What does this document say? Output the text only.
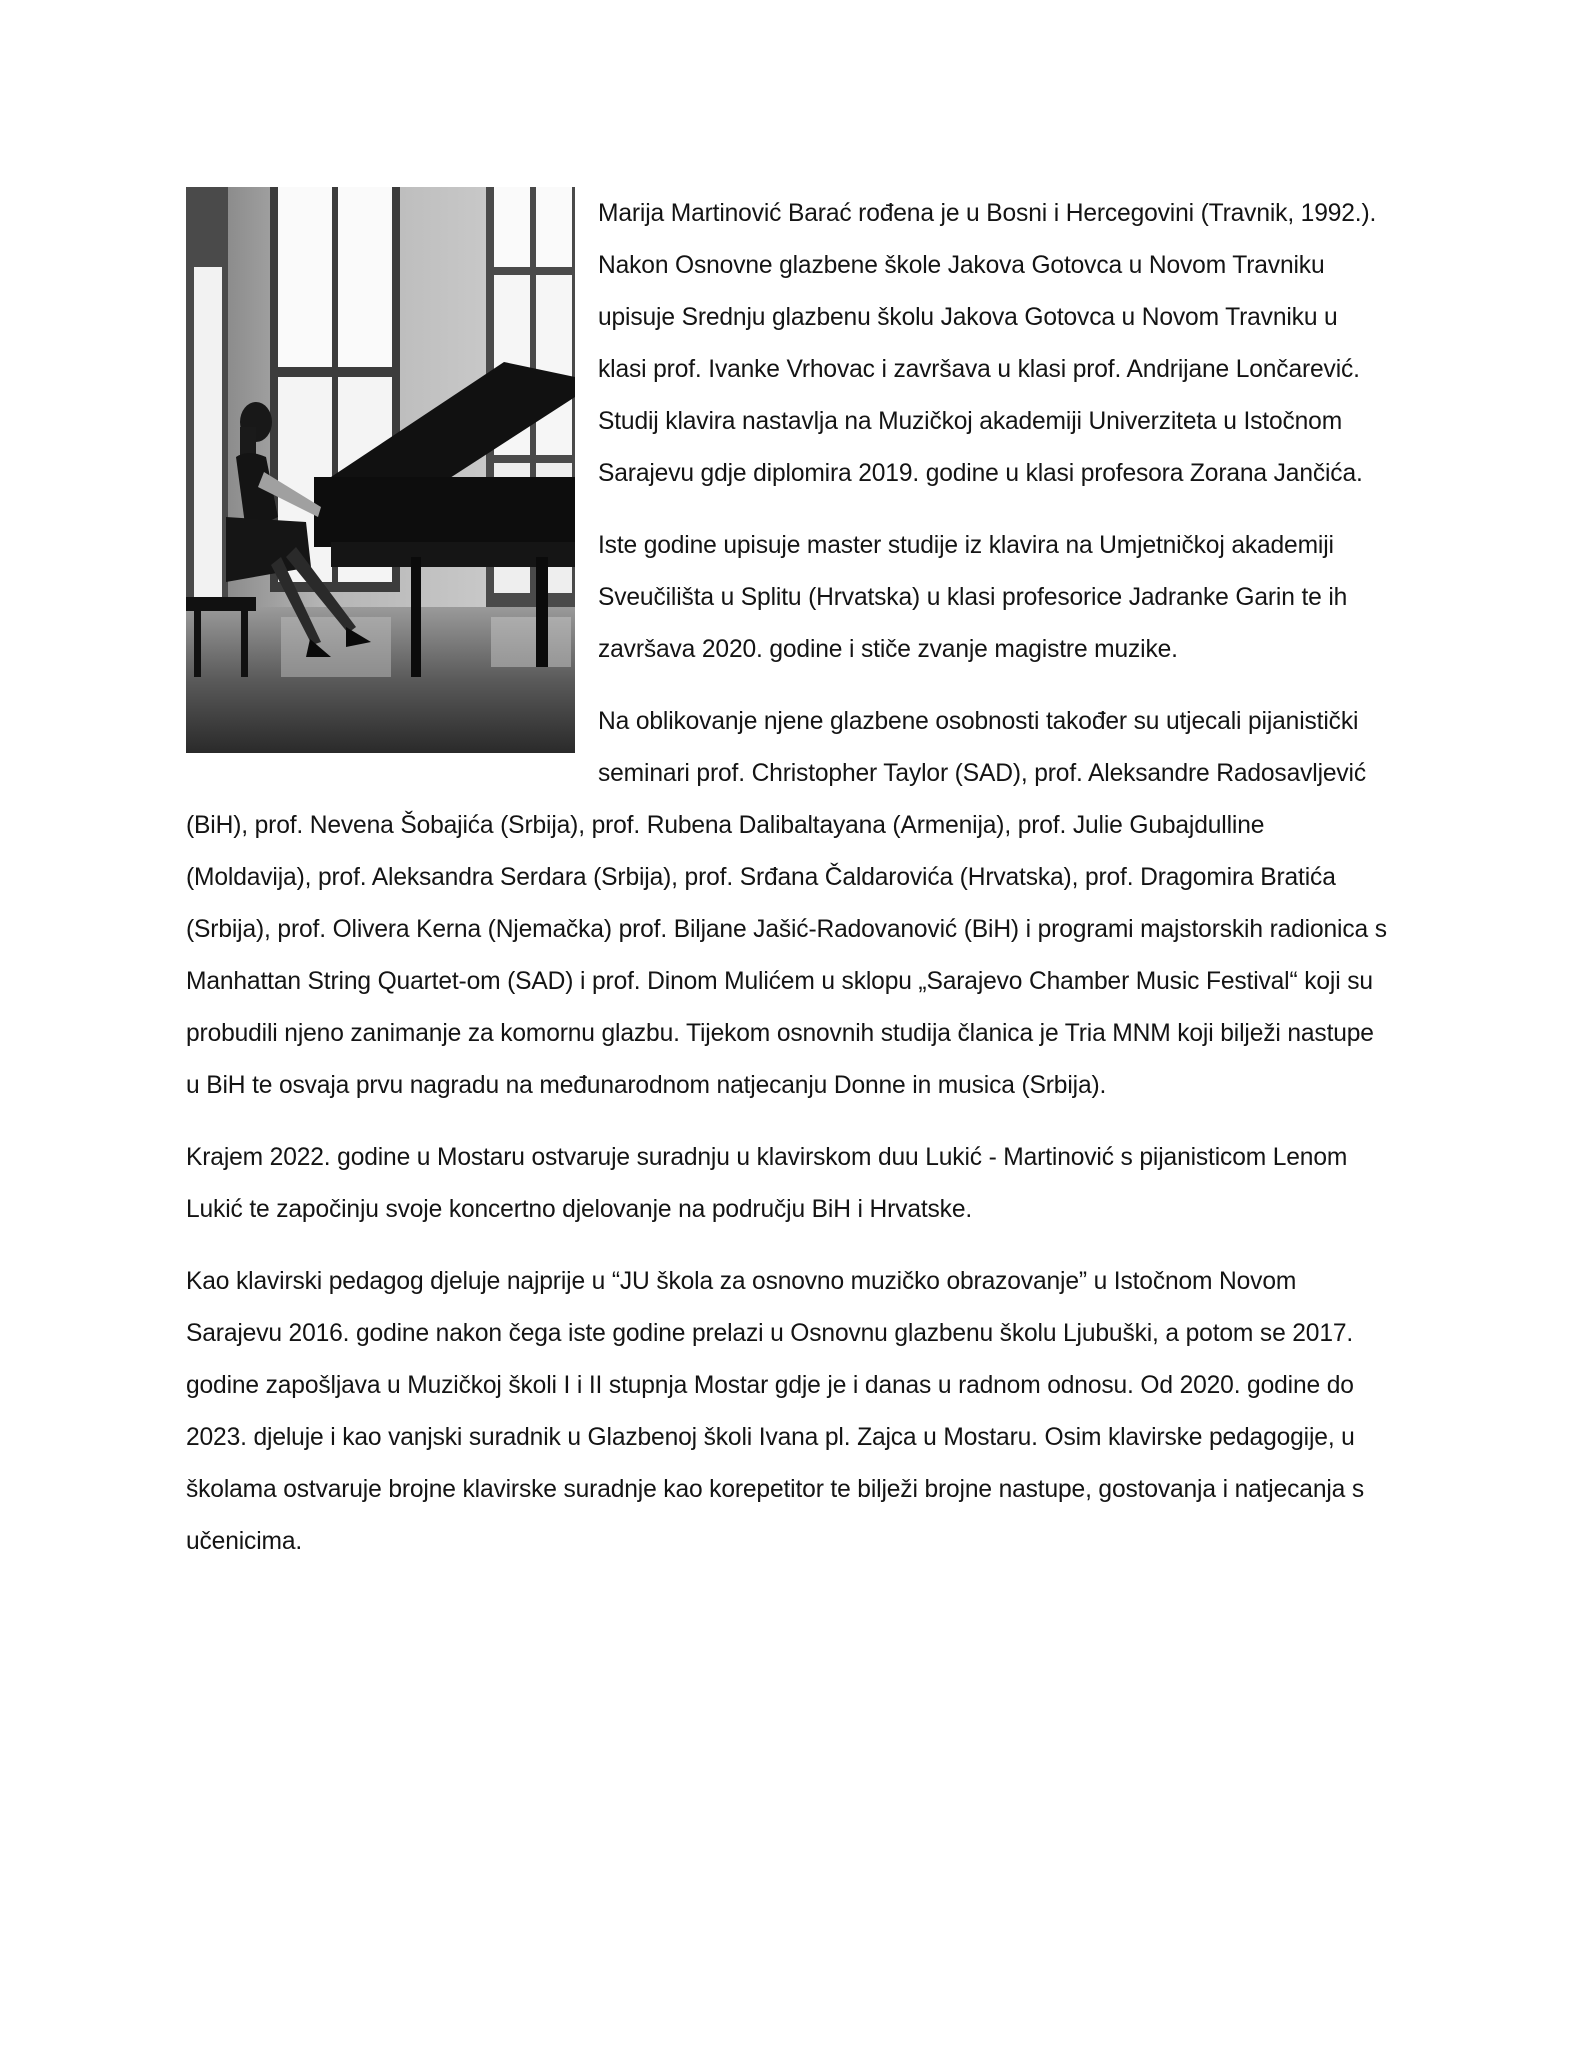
Marija Martinović Barać rođena je u Bosni i Hercegovini (Travnik, 1992.). Nakon Osnovne glazbene škole Jakova Gotovca u Novom Travniku upisuje Srednju glazbenu školu Jakova Gotovca u Novom Travniku u klasi prof. Ivanke Vrhovac i završava u klasi prof. Andrijane Lončarević. Studij klavira nastavlja na Muzičkoj akademiji Univerziteta u Istočnom Sarajevu gdje diplomira 2019. godine u klasi profesora Zorana Jančića.

Iste godine upisuje master studije iz klavira na Umjetničkoj akademiji Sveučilišta u Splitu (Hrvatska) u klasi profesorice Jadranke Garin te ih završava 2020. godine i stiče zvanje magistre muzike.

Na oblikovanje njene glazbene osobnosti također su utjecali pijanistički seminari prof. Christopher Taylor (SAD), prof. Aleksandre Radosavljević (BiH), prof. Nevena Šobajića (Srbija), prof. Rubena Dalibaltayana (Armenija), prof. Julie Gubajdulline (Moldavija), prof. Aleksandra Serdara (Srbija), prof. Srđana Čaldarovića (Hrvatska), prof. Dragomira Bratića (Srbija), prof. Olivera Kerna (Njemačka) prof. Biljane Jašić-Radovanović (BiH) i programi majstorskih radionica s Manhattan String Quartet-om (SAD) i prof. Dinom Mulićem u sklopu „Sarajevo Chamber Music Festival“ koji su probudili njeno zanimanje za komornu glazbu. Tijekom osnovnih studija članica je Tria MNM koji bilježi nastupe u BiH te osvaja prvu nagradu na međunarodnom natjecanju Donne in musica (Srbija).

Krajem 2022. godine u Mostaru ostvaruje suradnju u klavirskom duu Lukić - Martinović s pijanisticom Lenom Lukić te započinju svoje koncertno djelovanje na području BiH i Hrvatske.

Kao klavirski pedagog djeluje najprije u “JU škola za osnovno muzičko obrazovanje” u Istočnom Novom Sarajevu 2016. godine nakon čega iste godine prelazi u Osnovnu glazbenu školu Ljubuški, a potom se 2017. godine zapošljava u Muzičkoj školi I i II stupnja Mostar gdje je i danas u radnom odnosu. Od 2020. godine do 2023. djeluje i kao vanjski suradnik u Glazbenoj školi Ivana pl. Zajca u Mostaru. Osim klavirske pedagogije, u školama ostvaruje brojne klavirske suradnje kao korepetitor te bilježi brojne nastupe, gostovanja i natjecanja s učenicima.
